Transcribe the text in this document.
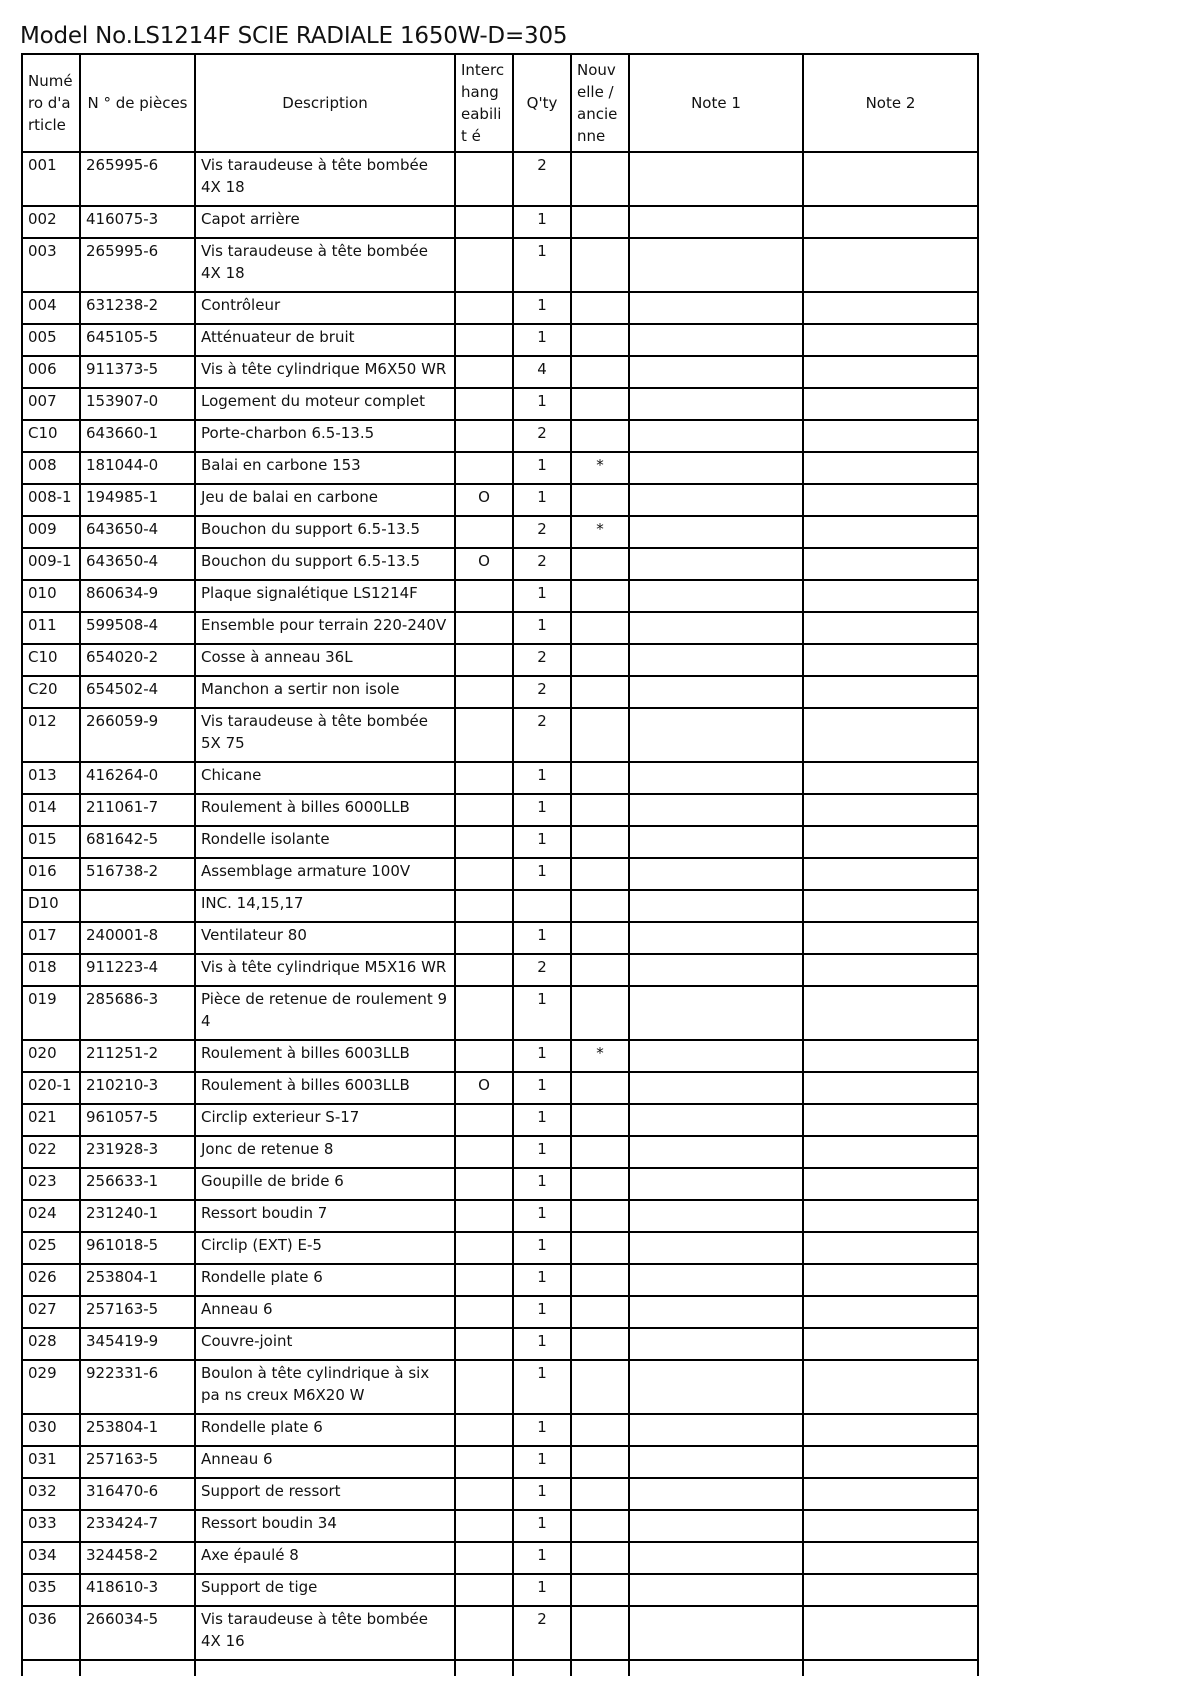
Model No.LS1214F SCIE RADIALE 1650W-D=305
Numé ro d'a rticle	N ° de pièces	Description	Interc hang eabilit é	Q'ty	Nouv elle / ancie nne	Note 1	Note 2
001	265995-6	Vis taraudeuse à tête bombée 4X 18		2			
002	416075-3	Capot arrière		1			
003	265995-6	Vis taraudeuse à tête bombée 4X 18		1			
004	631238-2	Contrôleur		1			
005	645105-5	Atténuateur de bruit		1			
006	911373-5	Vis à tête cylindrique M6X50 WR		4			
007	153907-0	Logement du moteur complet		1			
C10	643660-1	Porte-charbon 6.5-13.5		2			
008	181044-0	Balai en carbone 153		1	*		
008-1	194985-1	Jeu de balai en carbone	O	1			
009	643650-4	Bouchon du support 6.5-13.5		2	*		
009-1	643650-4	Bouchon du support 6.5-13.5	O	2			
010	860634-9	Plaque signalétique LS1214F		1			
011	599508-4	Ensemble pour terrain 220-240V		1			
C10	654020-2	Cosse à anneau 36L		2			
C20	654502-4	Manchon a sertir non isole		2			
012	266059-9	Vis taraudeuse à tête bombée 5X 75		2			
013	416264-0	Chicane		1			
014	211061-7	Roulement à billes 6000LLB		1			
015	681642-5	Rondelle isolante		1			
016	516738-2	Assemblage armature 100V		1			
D10		INC. 14,15,17					
017	240001-8	Ventilateur 80		1			
018	911223-4	Vis à tête cylindrique M5X16 WR		2			
019	285686-3	Pièce de retenue de roulement 9 4		1			
020	211251-2	Roulement à billes 6003LLB		1	*		
020-1	210210-3	Roulement à billes 6003LLB	O	1			
021	961057-5	Circlip exterieur S-17		1			
022	231928-3	Jonc de retenue 8		1			
023	256633-1	Goupille de bride 6		1			
024	231240-1	Ressort boudin 7		1			
025	961018-5	Circlip (EXT) E-5		1			
026	253804-1	Rondelle plate 6		1			
027	257163-5	Anneau 6		1			
028	345419-9	Couvre-joint		1			
029	922331-6	Boulon à tête cylindrique à six pa ns creux M6X20 W		1			
030	253804-1	Rondelle plate 6		1			
031	257163-5	Anneau 6		1			
032	316470-6	Support de ressort		1			
033	233424-7	Ressort boudin 34		1			
034	324458-2	Axe épaulé 8		1			
035	418610-3	Support de tige		1			
036	266034-5	Vis taraudeuse à tête bombée 4X 16		2			
